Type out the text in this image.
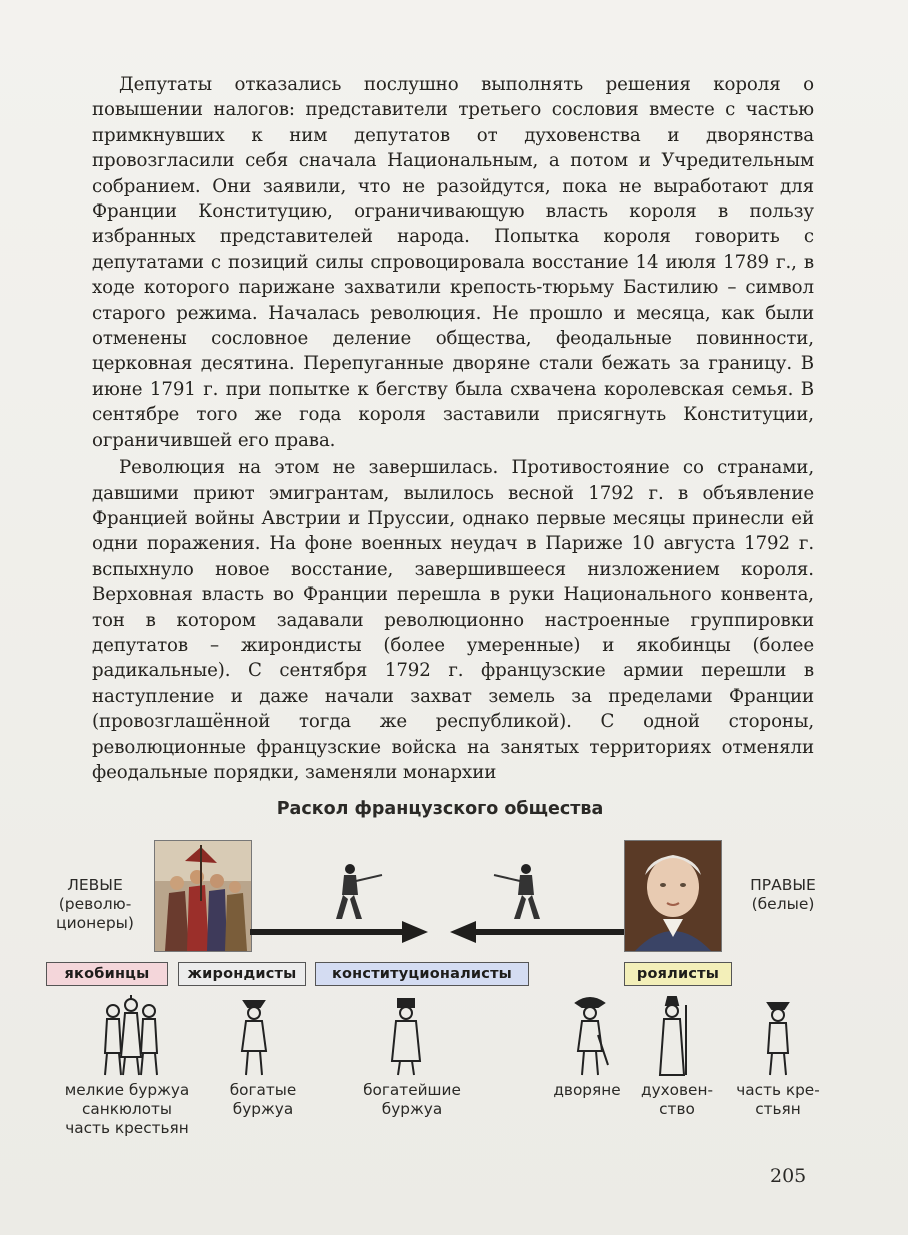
Депутаты отказались послушно выполнять решения короля о повышении налогов: представители третьего сословия вместе с частью примкнувших к ним депутатов от духовенства и дворянства провозгласили себя сначала Национальным, а потом и Учредительным собранием. Они заявили, что не разойдутся, пока не выработают для Франции Конституцию, ограничивающую власть короля в пользу избранных представителей народа. Попытка короля говорить с депутатами с позиций силы спровоцировала восстание 14 июля 1789 г., в ходе которого парижане захватили крепость-тюрьму Бастилию – символ старого режима. Началась революция. Не прошло и месяца, как были отменены сословное деление общества, феодальные повинности, церковная десятина. Перепуганные дворяне стали бежать за границу. В июне 1791 г. при попытке к бегству была схвачена королевская семья. В сентябре того же года короля заставили присягнуть Конституции, ограничившей его права.

Революция на этом не завершилась. Противостояние со странами, давшими приют эмигрантам, вылилось весной 1792 г. в объявление Францией войны Австрии и Пруссии, однако первые месяцы принесли ей одни поражения. На фоне военных неудач в Париже 10 августа 1792 г. вспыхнуло новое восстание, завершившееся низложением короля. Верховная власть во Франции перешла в руки Национального конвента, тон в котором задавали революционно настроенные группировки депутатов – жирондисты (более умеренные) и якобинцы (более радикальные). С сентября 1792 г. французские армии перешли в наступление и даже начали захват земель за пределами Франции (провозглашённой тогда же республикой). С одной стороны, революционные французские войска на занятых территориях отменяли феодальные порядки, заменяли монархии

Раскол французского общества
ЛЕВЫЕ
(револю-
ционеры)
ПРАВЫЕ
(белые)
якобинцы	жирондисты	конституционалисты	роялисты
мелкие буржуа
санкюлоты
часть крестьян
богатые
буржуа
богатейшие
буржуа
дворяне	духовен-
ство
часть кре-
стьян
205
